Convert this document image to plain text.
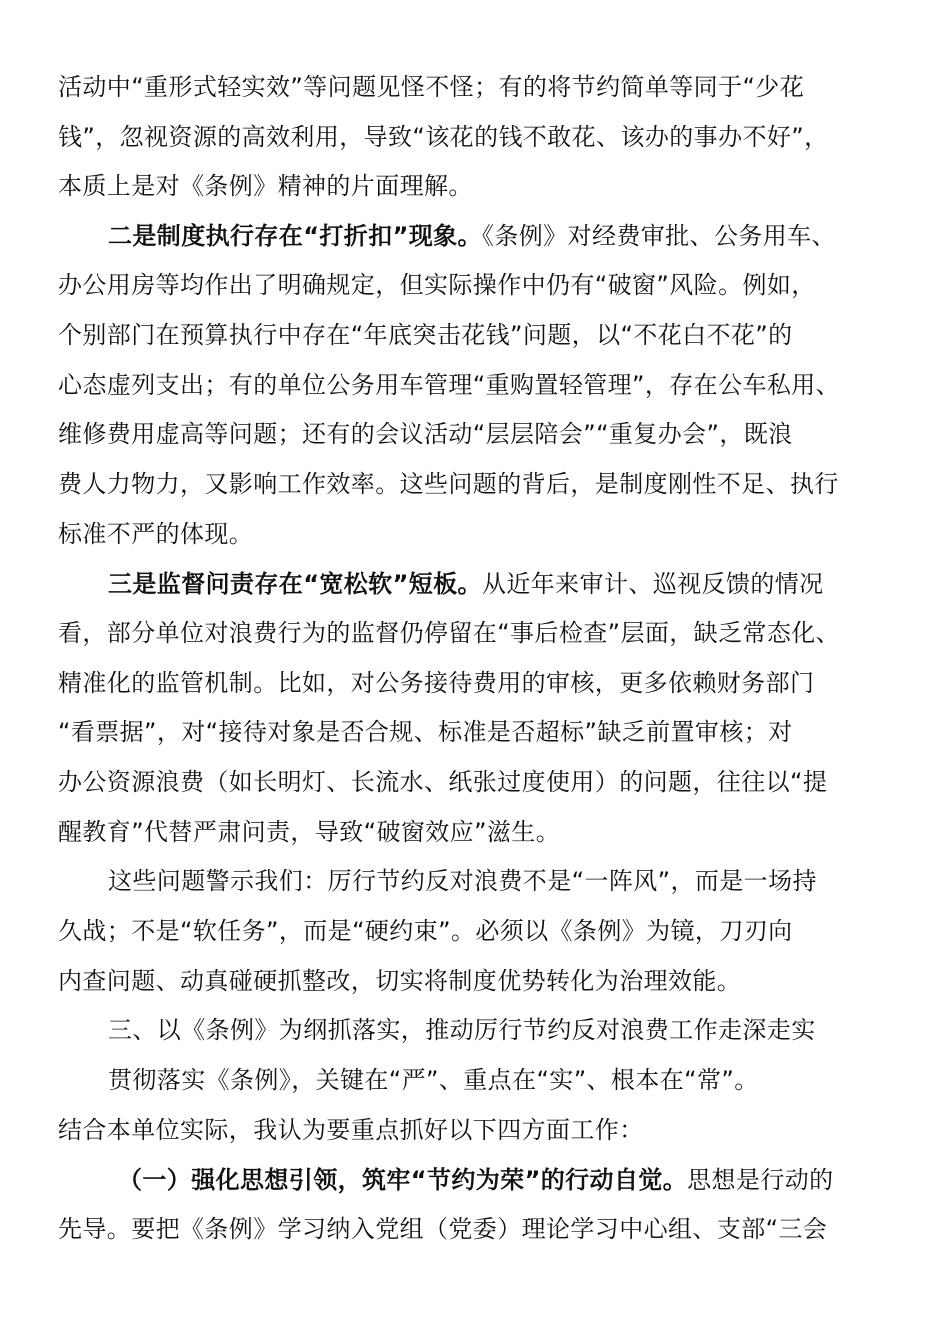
活动中“重形式轻实效”等问题见怪不怪；有的将节约简单等同于“少花
钱”，忽视资源的高效利用，导致“该花的钱不敢花、该办的事办不好”，
本质上是对《条例》精神的片面理解。
二是制度执行存在“打折扣”现象。《条例》对经费审批、公务用车、
办公用房等均作出了明确规定，但实际操作中仍有“破窗”风险。例如，
个别部门在预算执行中存在“年底突击花钱”问题，以“不花白不花”的
心态虚列支出；有的单位公务用车管理“重购置轻管理”，存在公车私用、
维修费用虚高等问题；还有的会议活动“层层陪会”“重复办会”，既浪
费人力物力，又影响工作效率。这些问题的背后，是制度刚性不足、执行
标准不严的体现。
三是监督问责存在“宽松软”短板。从近年来审计、巡视反馈的情况
看，部分单位对浪费行为的监督仍停留在“事后检查”层面，缺乏常态化、
精准化的监管机制。比如，对公务接待费用的审核，更多依赖财务部门
“看票据”，对“接待对象是否合规、标准是否超标”缺乏前置审核；对
办公资源浪费（如长明灯、长流水、纸张过度使用）的问题，往往以“提
醒教育”代替严肃问责，导致“破窗效应”滋生。
这些问题警示我们：厉行节约反对浪费不是“一阵风”，而是一场持
久战；不是“软任务”，而是“硬约束”。必须以《条例》为镜，刀刃向
内查问题、动真碰硬抓整改，切实将制度优势转化为治理效能。
三、以《条例》为纲抓落实，推动厉行节约反对浪费工作走深走实
贯彻落实《条例》，关键在“严”、重点在“实”、根本在“常”。
结合本单位实际，我认为要重点抓好以下四方面工作：
（一）强化思想引领，筑牢“节约为荣”的行动自觉。思想是行动的
先导。要把《条例》学习纳入党组（党委）理论学习中心组、支部“三会
